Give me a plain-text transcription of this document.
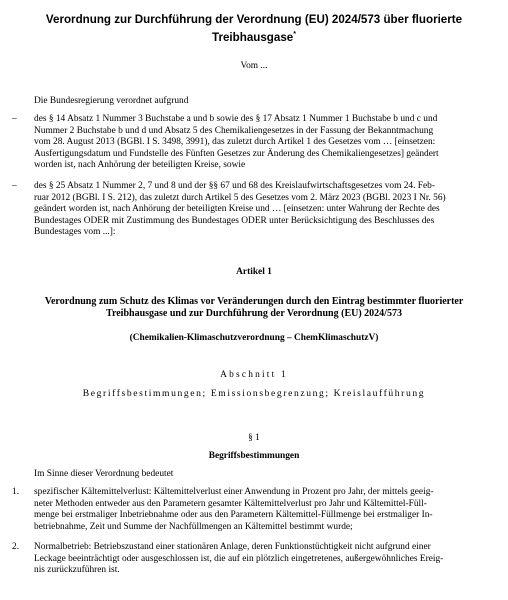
Verordnung zur Durchführung der Verordnung (EU) 2024/573 über fluorierte
Treibhausgase*

Vom ...

Die Bundesregierung verordnet aufgrund

– des § 14 Absatz 1 Nummer 3 Buchstabe a und b sowie des § 17 Absatz 1 Nummer 1 Buchstabe b und c und
Nummer 2 Buchstabe b und d und Absatz 5 des Chemikaliengesetzes in der Fassung der Bekanntmachung
vom 28. August 2013 (BGBl. I S. 3498, 3991), das zuletzt durch Artikel 1 des Gesetzes vom … [einsetzen:
Ausfertigungsdatum und Fundstelle des Fünften Gesetzes zur Änderung des Chemikaliengesetzes] geändert
worden ist, nach Anhörung der beteiligten Kreise, sowie
– des § 25 Absatz 1 Nummer 2, 7 und 8 und der §§ 67 und 68 des Kreislaufwirtschaftsgesetzes vom 24. Feb-
ruar 2012 (BGBl. I S. 212), das zuletzt durch Artikel 5 des Gesetzes vom 2. März 2023 (BGBl. 2023 I Nr. 56)
geändert worden ist, nach Anhörung der beteiligten Kreise und … [einsetzen: unter Wahrung der Rechte des
Bundestages ODER mit Zustimmung des Bundestages ODER unter Berücksichtigung des Beschlusses des
Bundestages vom ...]:

Artikel 1

Verordnung zum Schutz des Klimas vor Veränderungen durch den Eintrag bestimmter fluorierter
Treibhausgase und zur Durchführung der Verordnung (EU) 2024/573

(Chemikalien-Klimaschutzverordnung – ChemKlimaschutzV)

Abschnitt 1

Begriffsbestimmungen; Emissionsbegrenzung; Kreislaufführung

§ 1

Begriffsbestimmungen

Im Sinne dieser Verordnung bedeutet

1. spezifischer Kältemittelverlust: Kältemittelverlust einer Anwendung in Prozent pro Jahr, der mittels geeig-
neter Methoden entweder aus den Parametern gesamter Kältemittelverlust pro Jahr und Kältemittel-Füll-
menge bei erstmaliger Inbetriebnahme oder aus den Parametern Kältemittel-Füllmenge bei erstmaliger In-
betriebnahme, Zeit und Summe der Nachfüllmengen an Kältemittel bestimmt wurde;
2. Normalbetrieb: Betriebszustand einer stationären Anlage, deren Funktionstüchtigkeit nicht aufgrund einer
Leckage beeinträchtigt oder ausgeschlossen ist, die auf ein plötzlich eingetretenes, außergewöhnliches Ereig-
nis zurückzuführen ist.
